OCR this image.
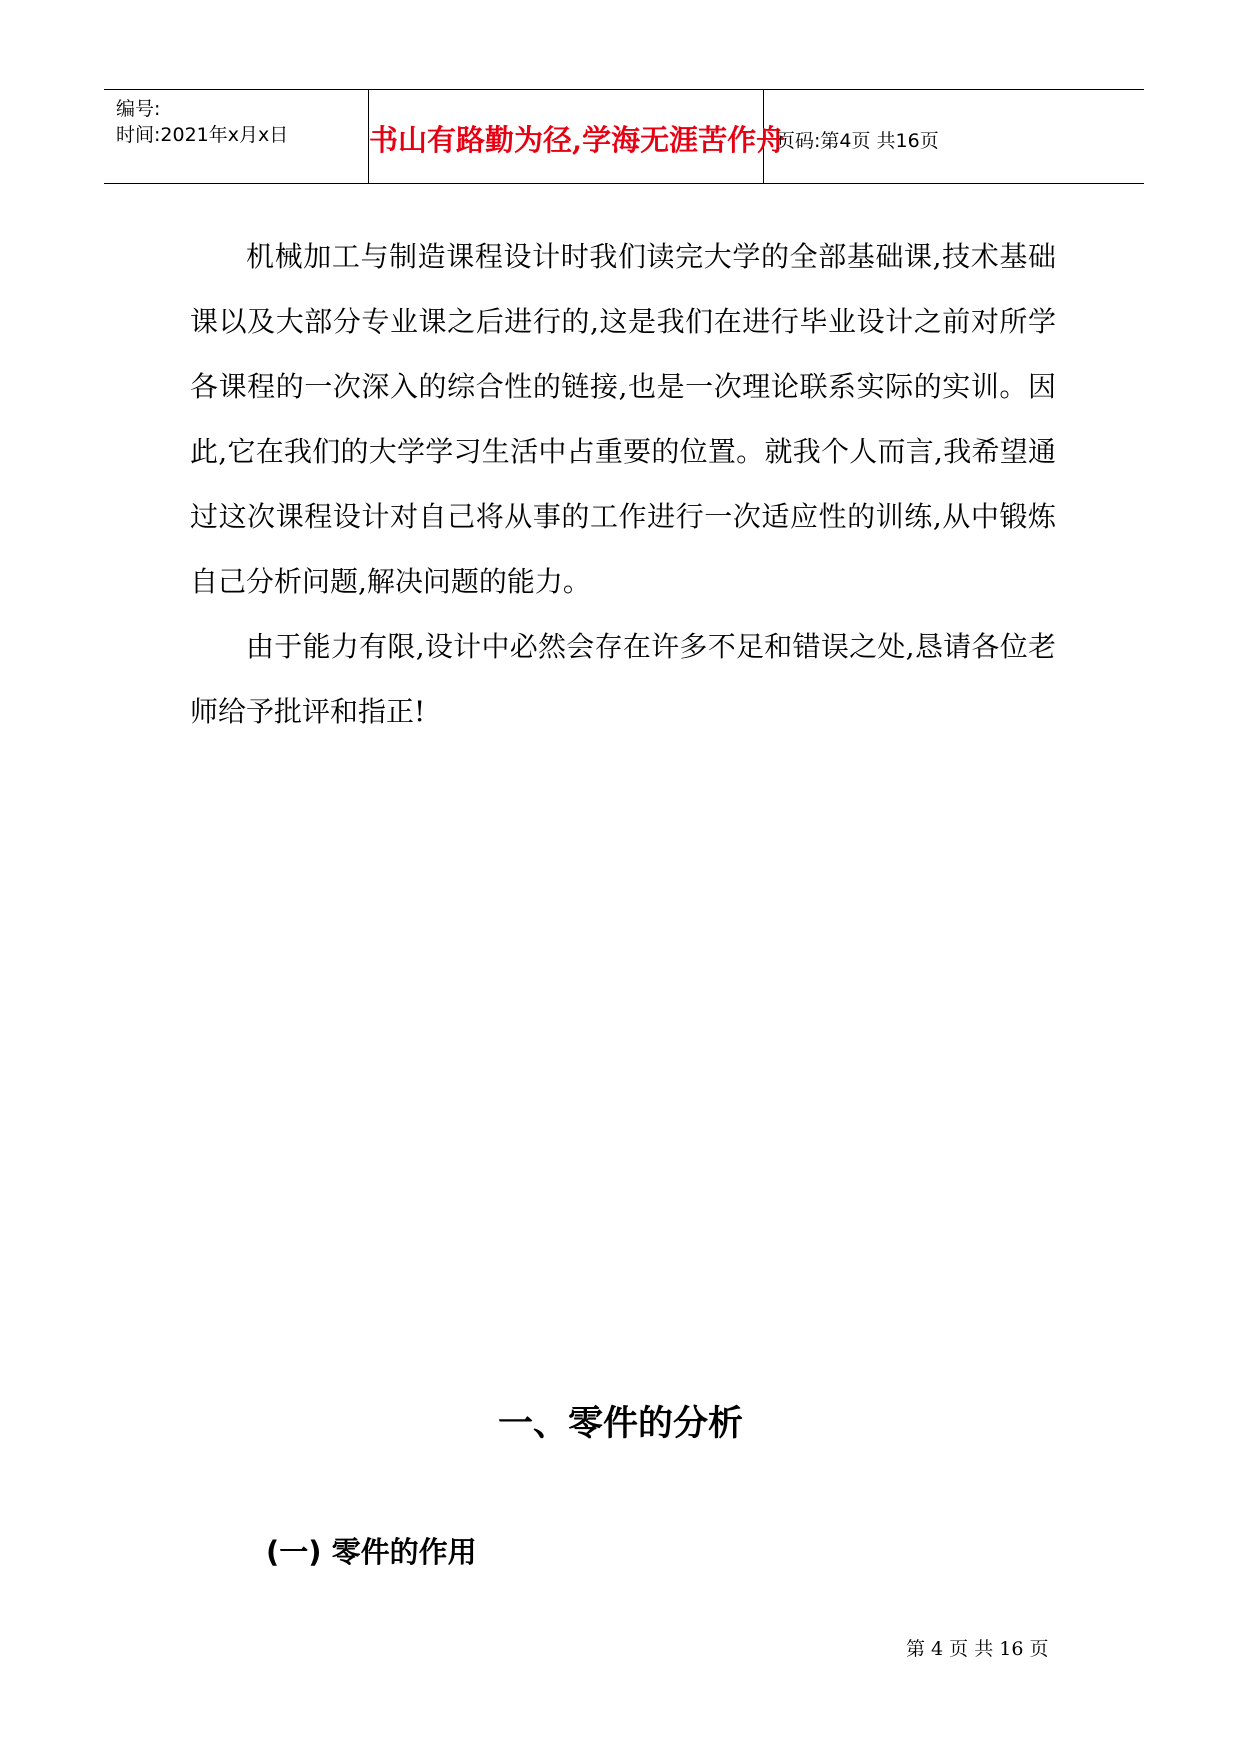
编号:
时间:2021年x月x日	书山有路勤为径,学海无涯苦作舟
页码:第4页 共16页

机械加工与制造课程设计时我们读完大学的全部基础课,技术基础课以及大部分专业课之后进行的,这是我们在进行毕业设计之前对所学各课程的一次深入的综合性的链接,也是一次理论联系实际的实训。因此,它在我们的大学学习生活中占重要的位置。就我个人而言,我希望通过这次课程设计对自己将从事的工作进行一次适应性的训练,从中锻炼自己分析问题,解决问题的能力。

由于能力有限,设计中必然会存在许多不足和错误之处,恳请各位老师给予批评和指正!

一、零件的分析
(一) 零件的作用
第 4 页 共 16 页
